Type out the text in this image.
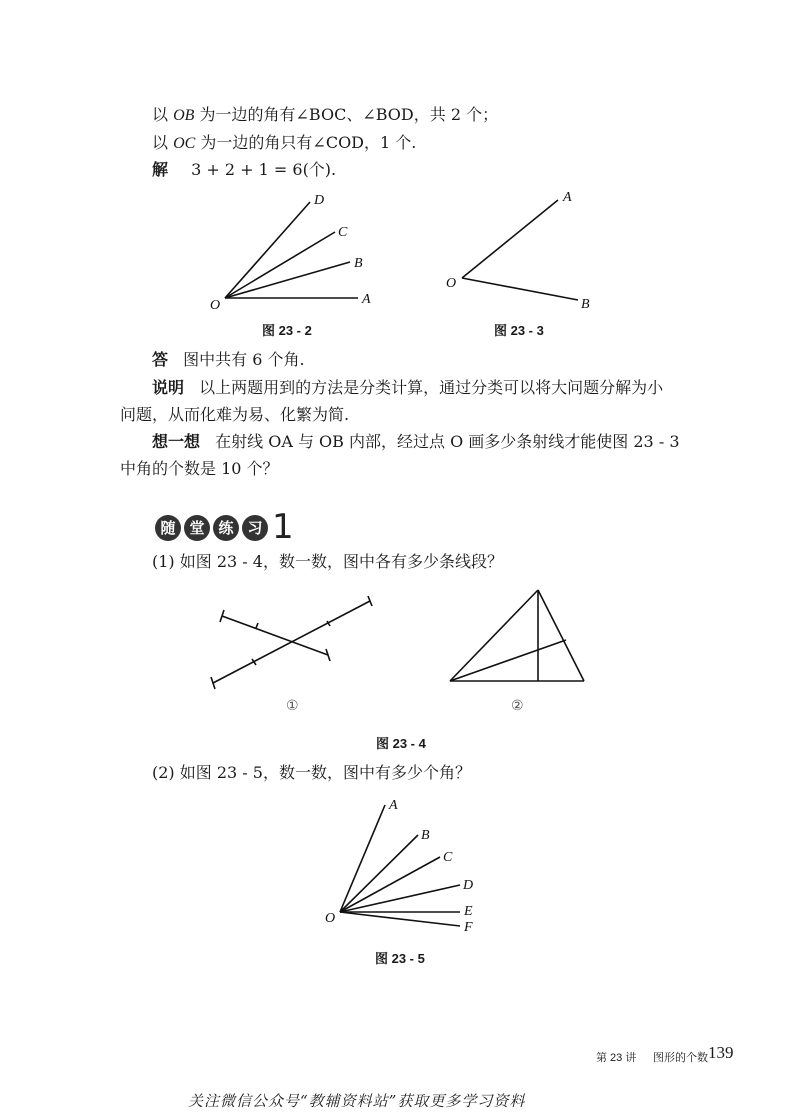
以 OB 为一边的角有∠BOC、∠BOD，共 2 个；
以 OC 为一边的角只有∠COD，1 个.
解 3 + 2 + 1 = 6(个).
D
C
B
A
O
图 23 - 2
A
O
B
图 23 - 3
答 图中共有 6 个角.
说明 以上两题用到的方法是分类计算，通过分类可以将大问题分解为小
问题，从而化难为易、化繁为简.
想一想 在射线 OA 与 OB 内部，经过点 O 画多少条射线才能使图 23 - 3
中角的个数是 10 个？
随 堂 练 习 1
(1) 如图 23 - 4，数一数，图中各有多少条线段？
①	②
图 23 - 4
(2) 如图 23 - 5，数一数，图中有多少个角？
A
B
C
D
E
F
O
图 23 - 5
第 23 讲 图形的个数 139
关注微信公众号“教辅资料站”获取更多学习资料
